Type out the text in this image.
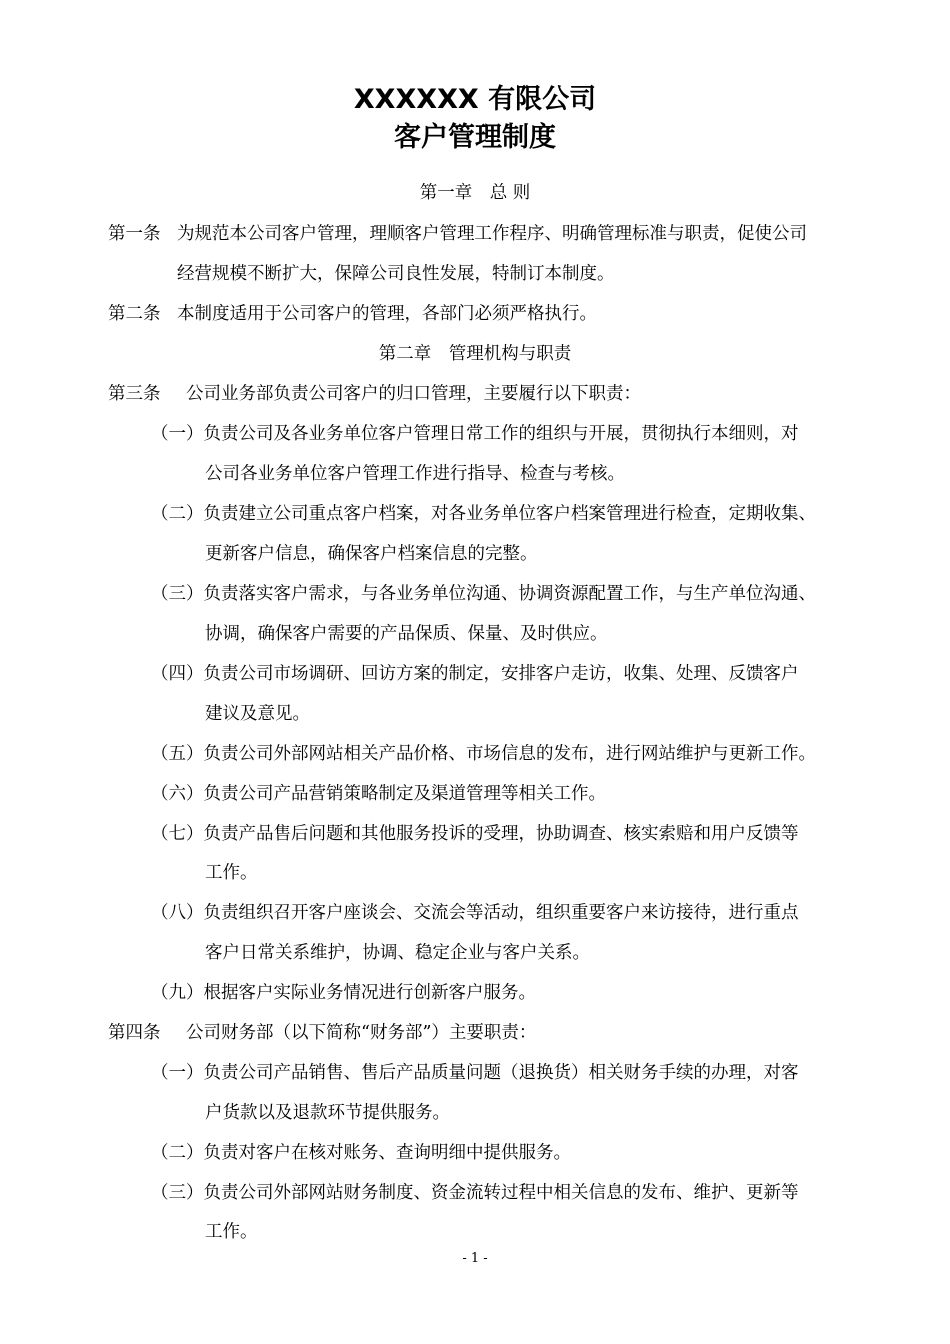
XXXXXX 有限公司
客户管理制度
第一章　总 则
第一条 为规范本公司客户管理，理顺客户管理工作程序、明确管理标准与职责，促使公司
经营规模不断扩大，保障公司良性发展，特制订本制度。
第二条 本制度适用于公司客户的管理，各部门必须严格执行。
第二章　管理机构与职责
第三条 公司业务部负责公司客户的归口管理，主要履行以下职责：
（一）负责公司及各业务单位客户管理日常工作的组织与开展，贯彻执行本细则，对
公司各业务单位客户管理工作进行指导、检查与考核。
（二）负责建立公司重点客户档案，对各业务单位客户档案管理进行检查，定期收集、
更新客户信息，确保客户档案信息的完整。
（三）负责落实客户需求，与各业务单位沟通、协调资源配置工作，与生产单位沟通、
协调，确保客户需要的产品保质、保量、及时供应。
（四）负责公司市场调研、回访方案的制定，安排客户走访，收集、处理、反馈客户
建议及意见。
（五）负责公司外部网站相关产品价格、市场信息的发布，进行网站维护与更新工作。
（六）负责公司产品营销策略制定及渠道管理等相关工作。
（七）负责产品售后问题和其他服务投诉的受理，协助调查、核实索赔和用户反馈等
工作。
（八）负责组织召开客户座谈会、交流会等活动，组织重要客户来访接待，进行重点
客户日常关系维护，协调、稳定企业与客户关系。
（九）根据客户实际业务情况进行创新客户服务。
第四条 公司财务部（以下简称“财务部”）主要职责：
（一）负责公司产品销售、售后产品质量问题（退换货）相关财务手续的办理，对客
户货款以及退款环节提供服务。
（二）负责对客户在核对账务、查询明细中提供服务。
（三）负责公司外部网站财务制度、资金流转过程中相关信息的发布、维护、更新等
工作。
- 1 -
